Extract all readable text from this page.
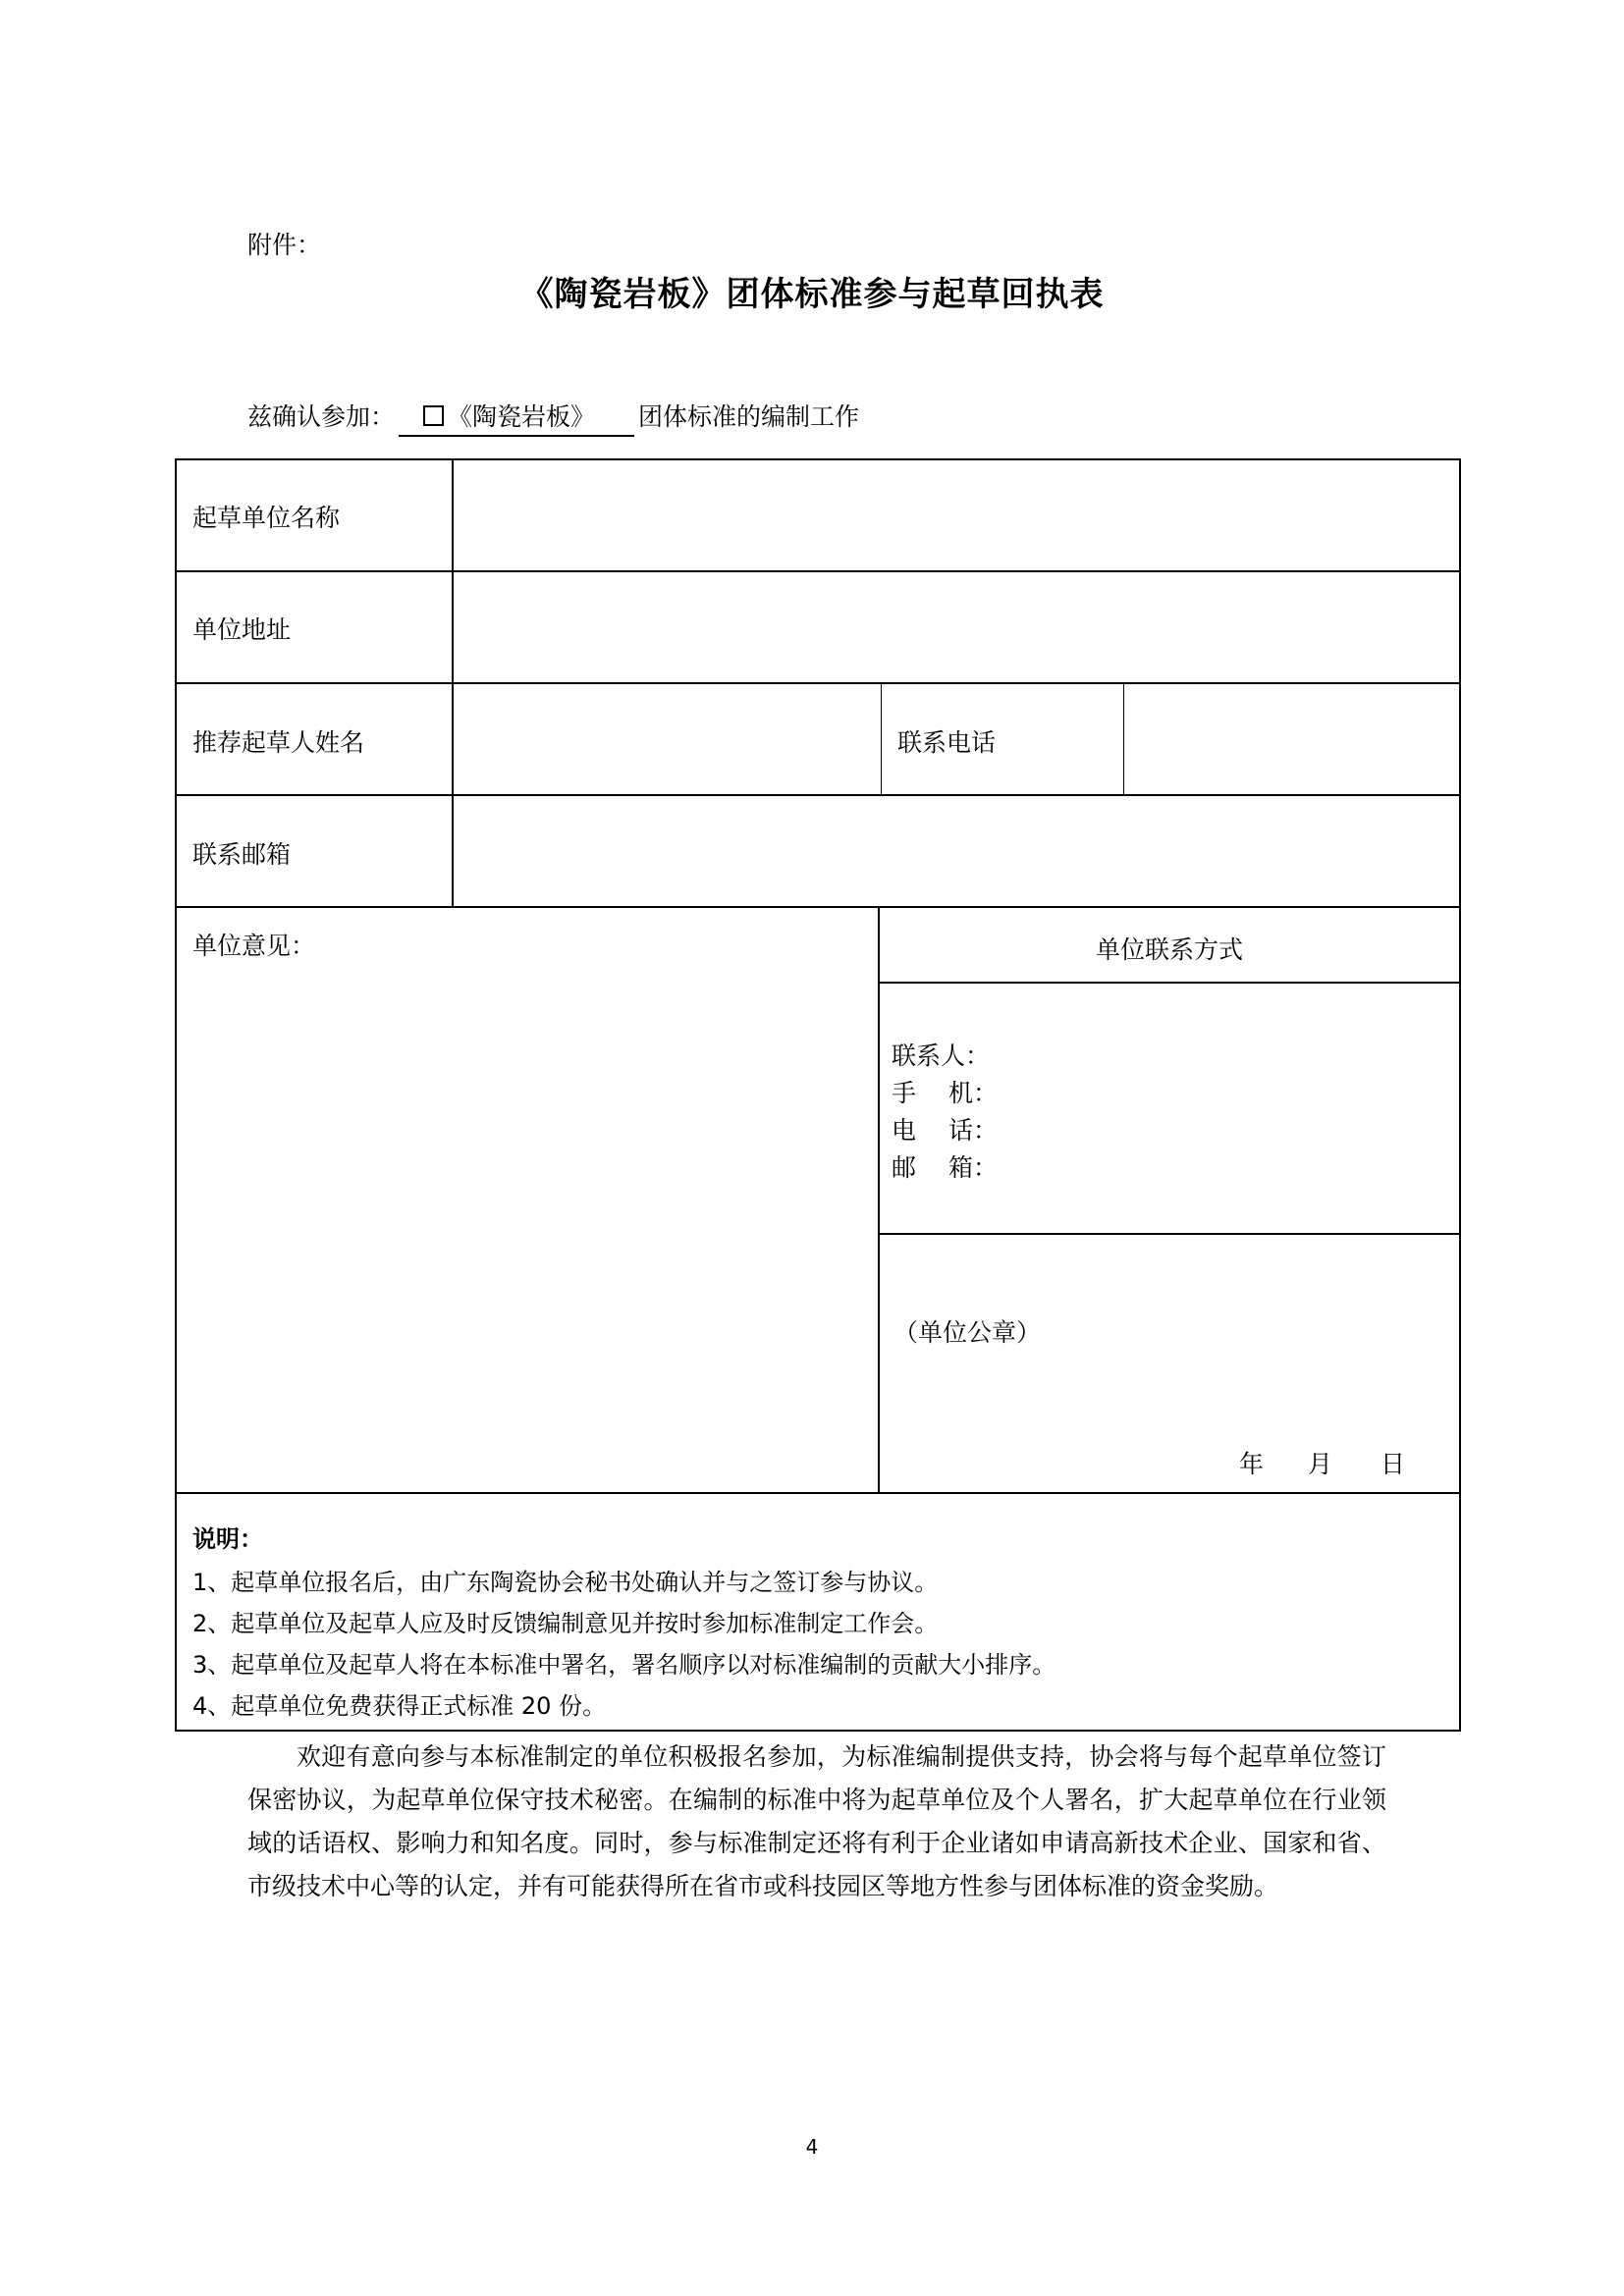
附件：
《陶瓷岩板》团体标准参与起草回执表
兹确认参加： 《陶瓷岩板》 团体标准的编制工作
起草单位名称
单位地址
推荐起草人姓名	联系电话
联系邮箱
单位意见：	单位联系方式
联系人：
手　 机：
电　 话：
邮　 箱：
（单位公章）
年 月 日
说明：
1、起草单位报名后，由广东陶瓷协会秘书处确认并与之签订参与协议。
2、起草单位及起草人应及时反馈编制意见并按时参加标准制定工作会。
3、起草单位及起草人将在本标准中署名，署名顺序以对标准编制的贡献大小排序。
4、起草单位免费获得正式标准 20 份。
欢迎有意向参与本标准制定的单位积极报名参加，为标准编制提供支持，协会将与每个起草单位签订保密协议，为起草单位保守技术秘密。在编制的标准中将为起草单位及个人署名，扩大起草单位在行业领域的话语权、影响力和知名度。同时，参与标准制定还将有利于企业诸如申请高新技术企业、国家和省、市级技术中心等的认定，并有可能获得所在省市或科技园区等地方性参与团体标准的资金奖励。
4
